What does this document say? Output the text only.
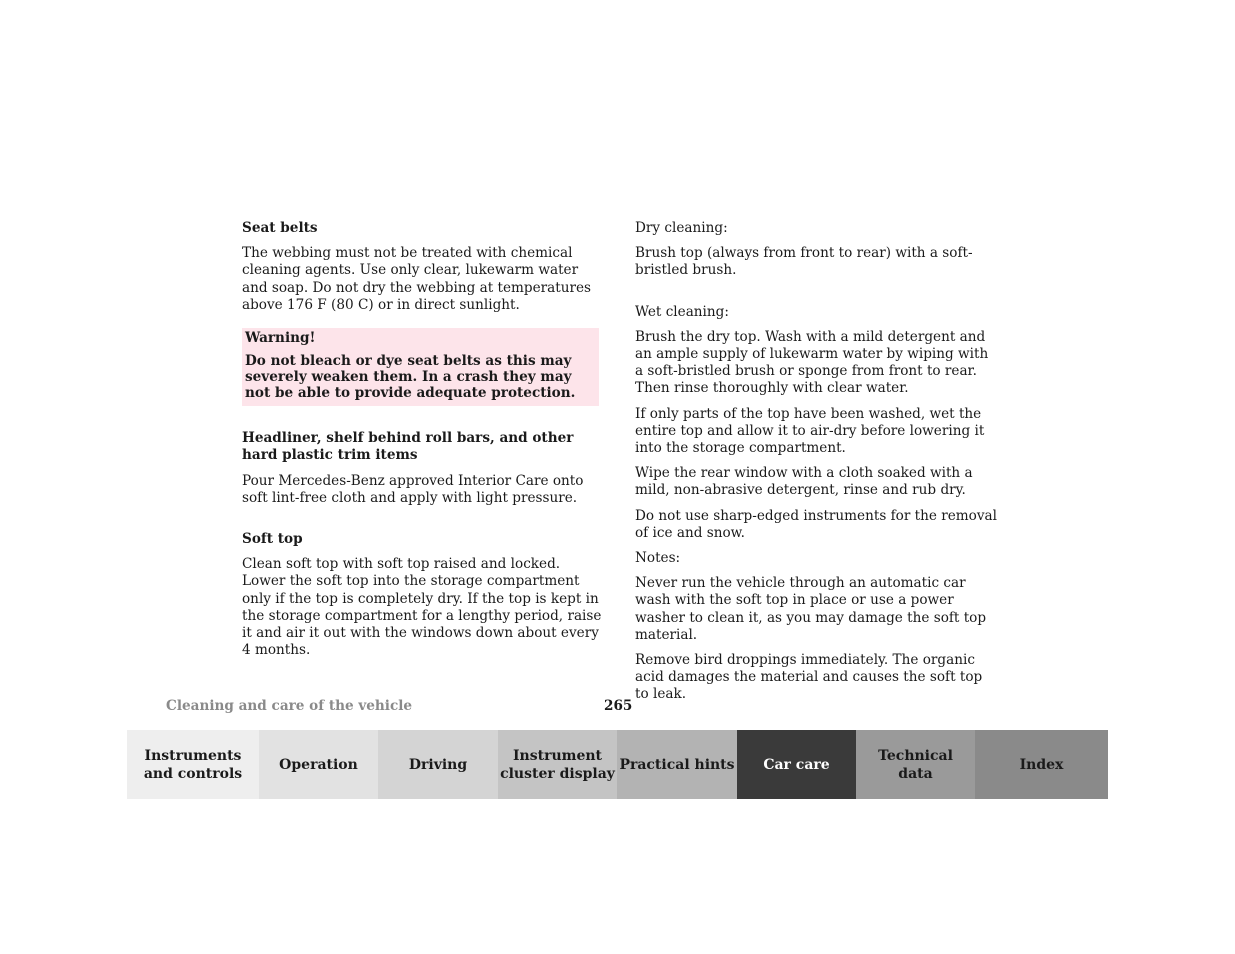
Seat belts
The webbing must not be treated with chemical cleaning agents. Use only clear, lukewarm water and soap. Do not dry the webbing at temperatures above 176 F (80 C) or in direct sunlight.
Warning!
Do not bleach or dye seat belts as this may severely weaken them. In a crash they may not be able to provide adequate protection.
Headliner, shelf behind roll bars, and other hard plastic trim items
Pour Mercedes-Benz approved Interior Care onto soft lint-free cloth and apply with light pressure.
Soft top
Clean soft top with soft top raised and locked. Lower the soft top into the storage compartment only if the top is completely dry. If the top is kept in the storage compartment for a lengthy period, raise it and air it out with the windows down about every 4 months.
Dry cleaning:
Brush top (always from front to rear) with a soft-bristled brush.
Wet cleaning:
Brush the dry top. Wash with a mild detergent and an ample supply of lukewarm water by wiping with a soft-bristled brush or sponge from front to rear. Then rinse thoroughly with clear water.
If only parts of the top have been washed, wet the entire top and allow it to air-dry before lowering it into the storage compartment.
Wipe the rear window with a cloth soaked with a mild, non-abrasive detergent, rinse and rub dry.
Do not use sharp-edged instruments for the removal of ice and snow.
Notes:
Never run the vehicle through an automatic car wash with the soft top in place or use a power washer to clean it, as you may damage the soft top material.
Remove bird droppings immediately. The organic acid damages the material and causes the soft top to leak.
Cleaning and care of the vehicle	265
Instruments
and controls
Operation	Driving
Instrument
cluster display
Practical hints Car care
Technical
data
Index
